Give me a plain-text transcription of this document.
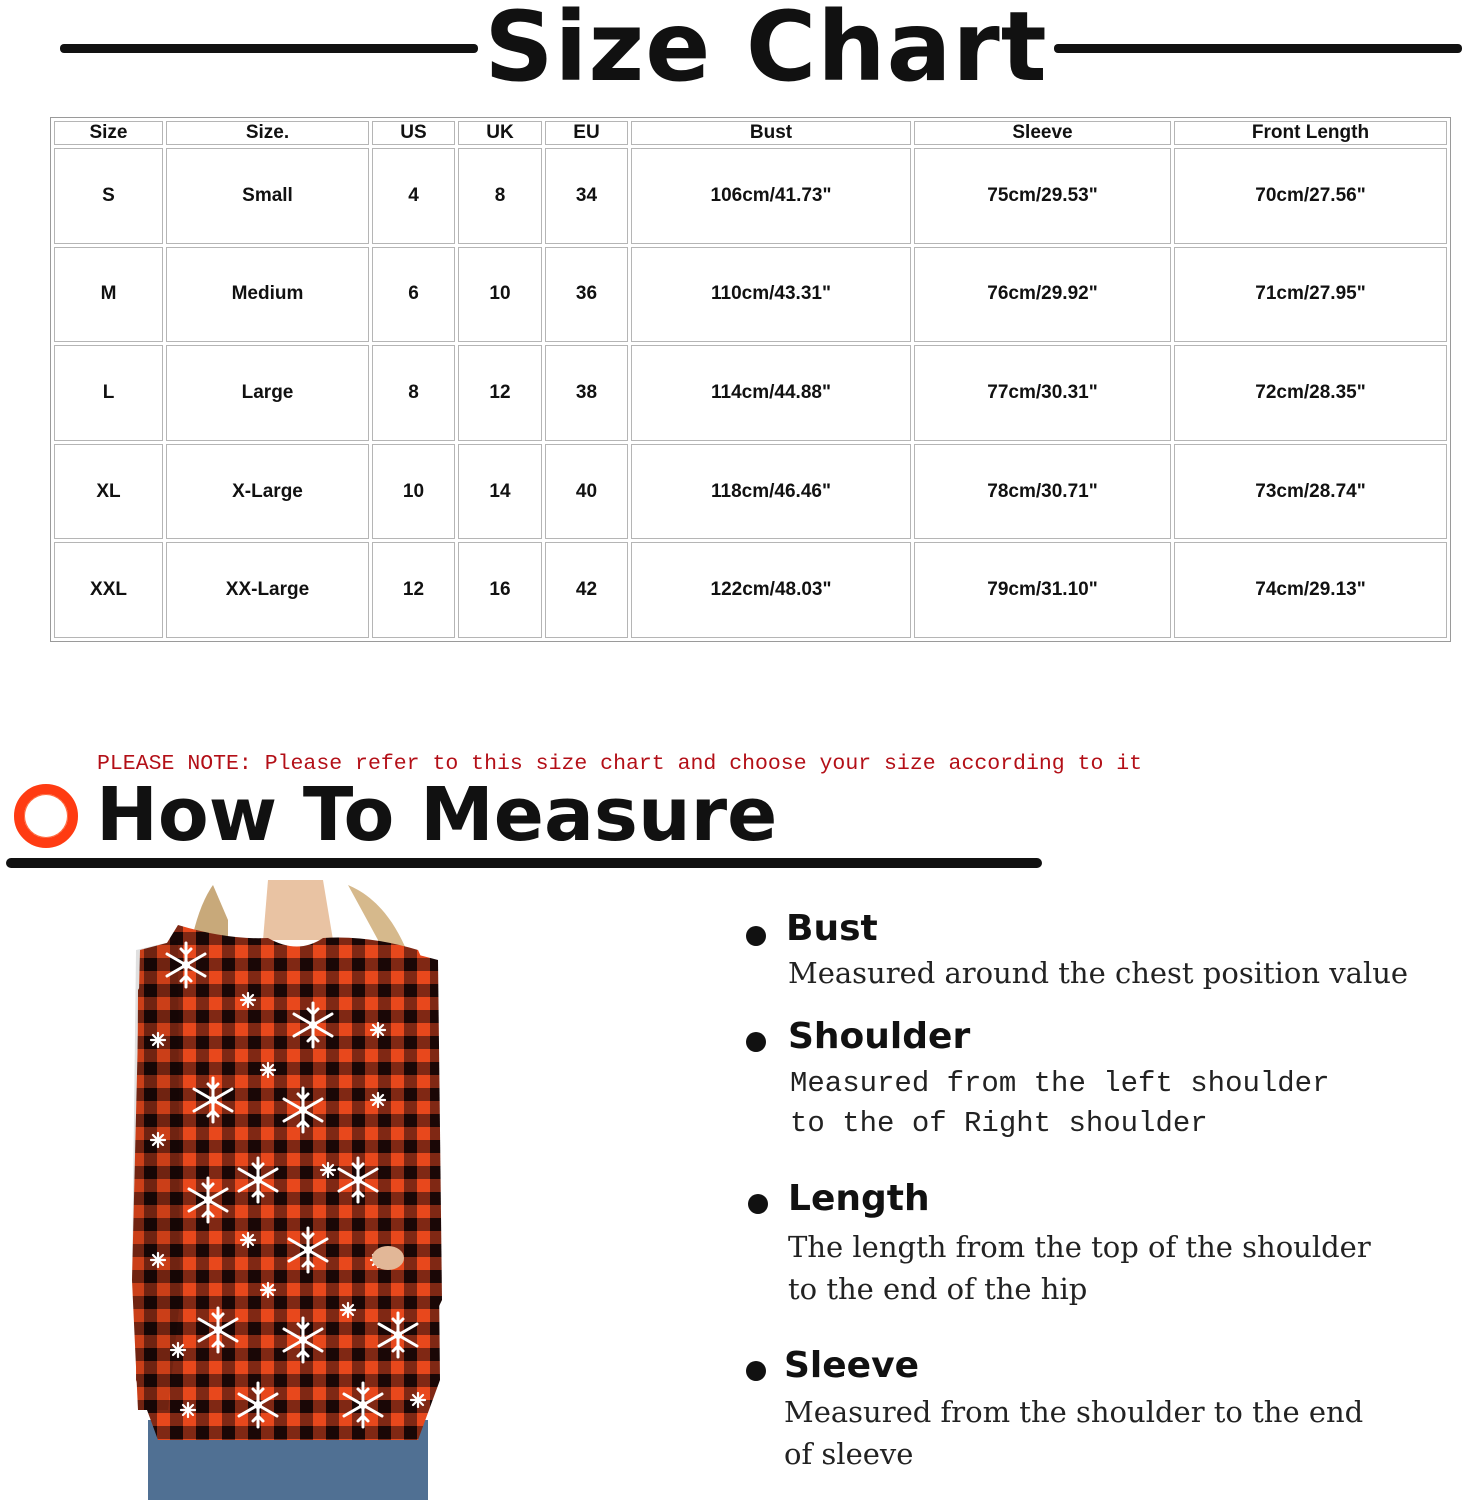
Size Chart
Size	Size.	US	UK	EU	Bust	Sleeve	Front Length
S	Small	4	8	34	106cm/41.73"	75cm/29.53"	70cm/27.56"
M	Medium	6	10	36	110cm/43.31"	76cm/29.92"	71cm/27.95"
L	Large	8	12	38	114cm/44.88"	77cm/30.31"	72cm/28.35"
XL	X-Large	10	14	40	118cm/46.46"	78cm/30.71"	73cm/28.74"
XXL	XX-Large	12	16	42	122cm/48.03"	79cm/31.10"	74cm/29.13"
PLEASE NOTE: Please refer to this size chart and choose your size according to it
How To Measure
Bust
Measured around the chest position value
Shoulder
Measured from the left shoulder to the of Right shoulder
Length
The length from the top of the shoulder to the end of the hip
Sleeve
Measured from the shoulder to the end of sleeve
